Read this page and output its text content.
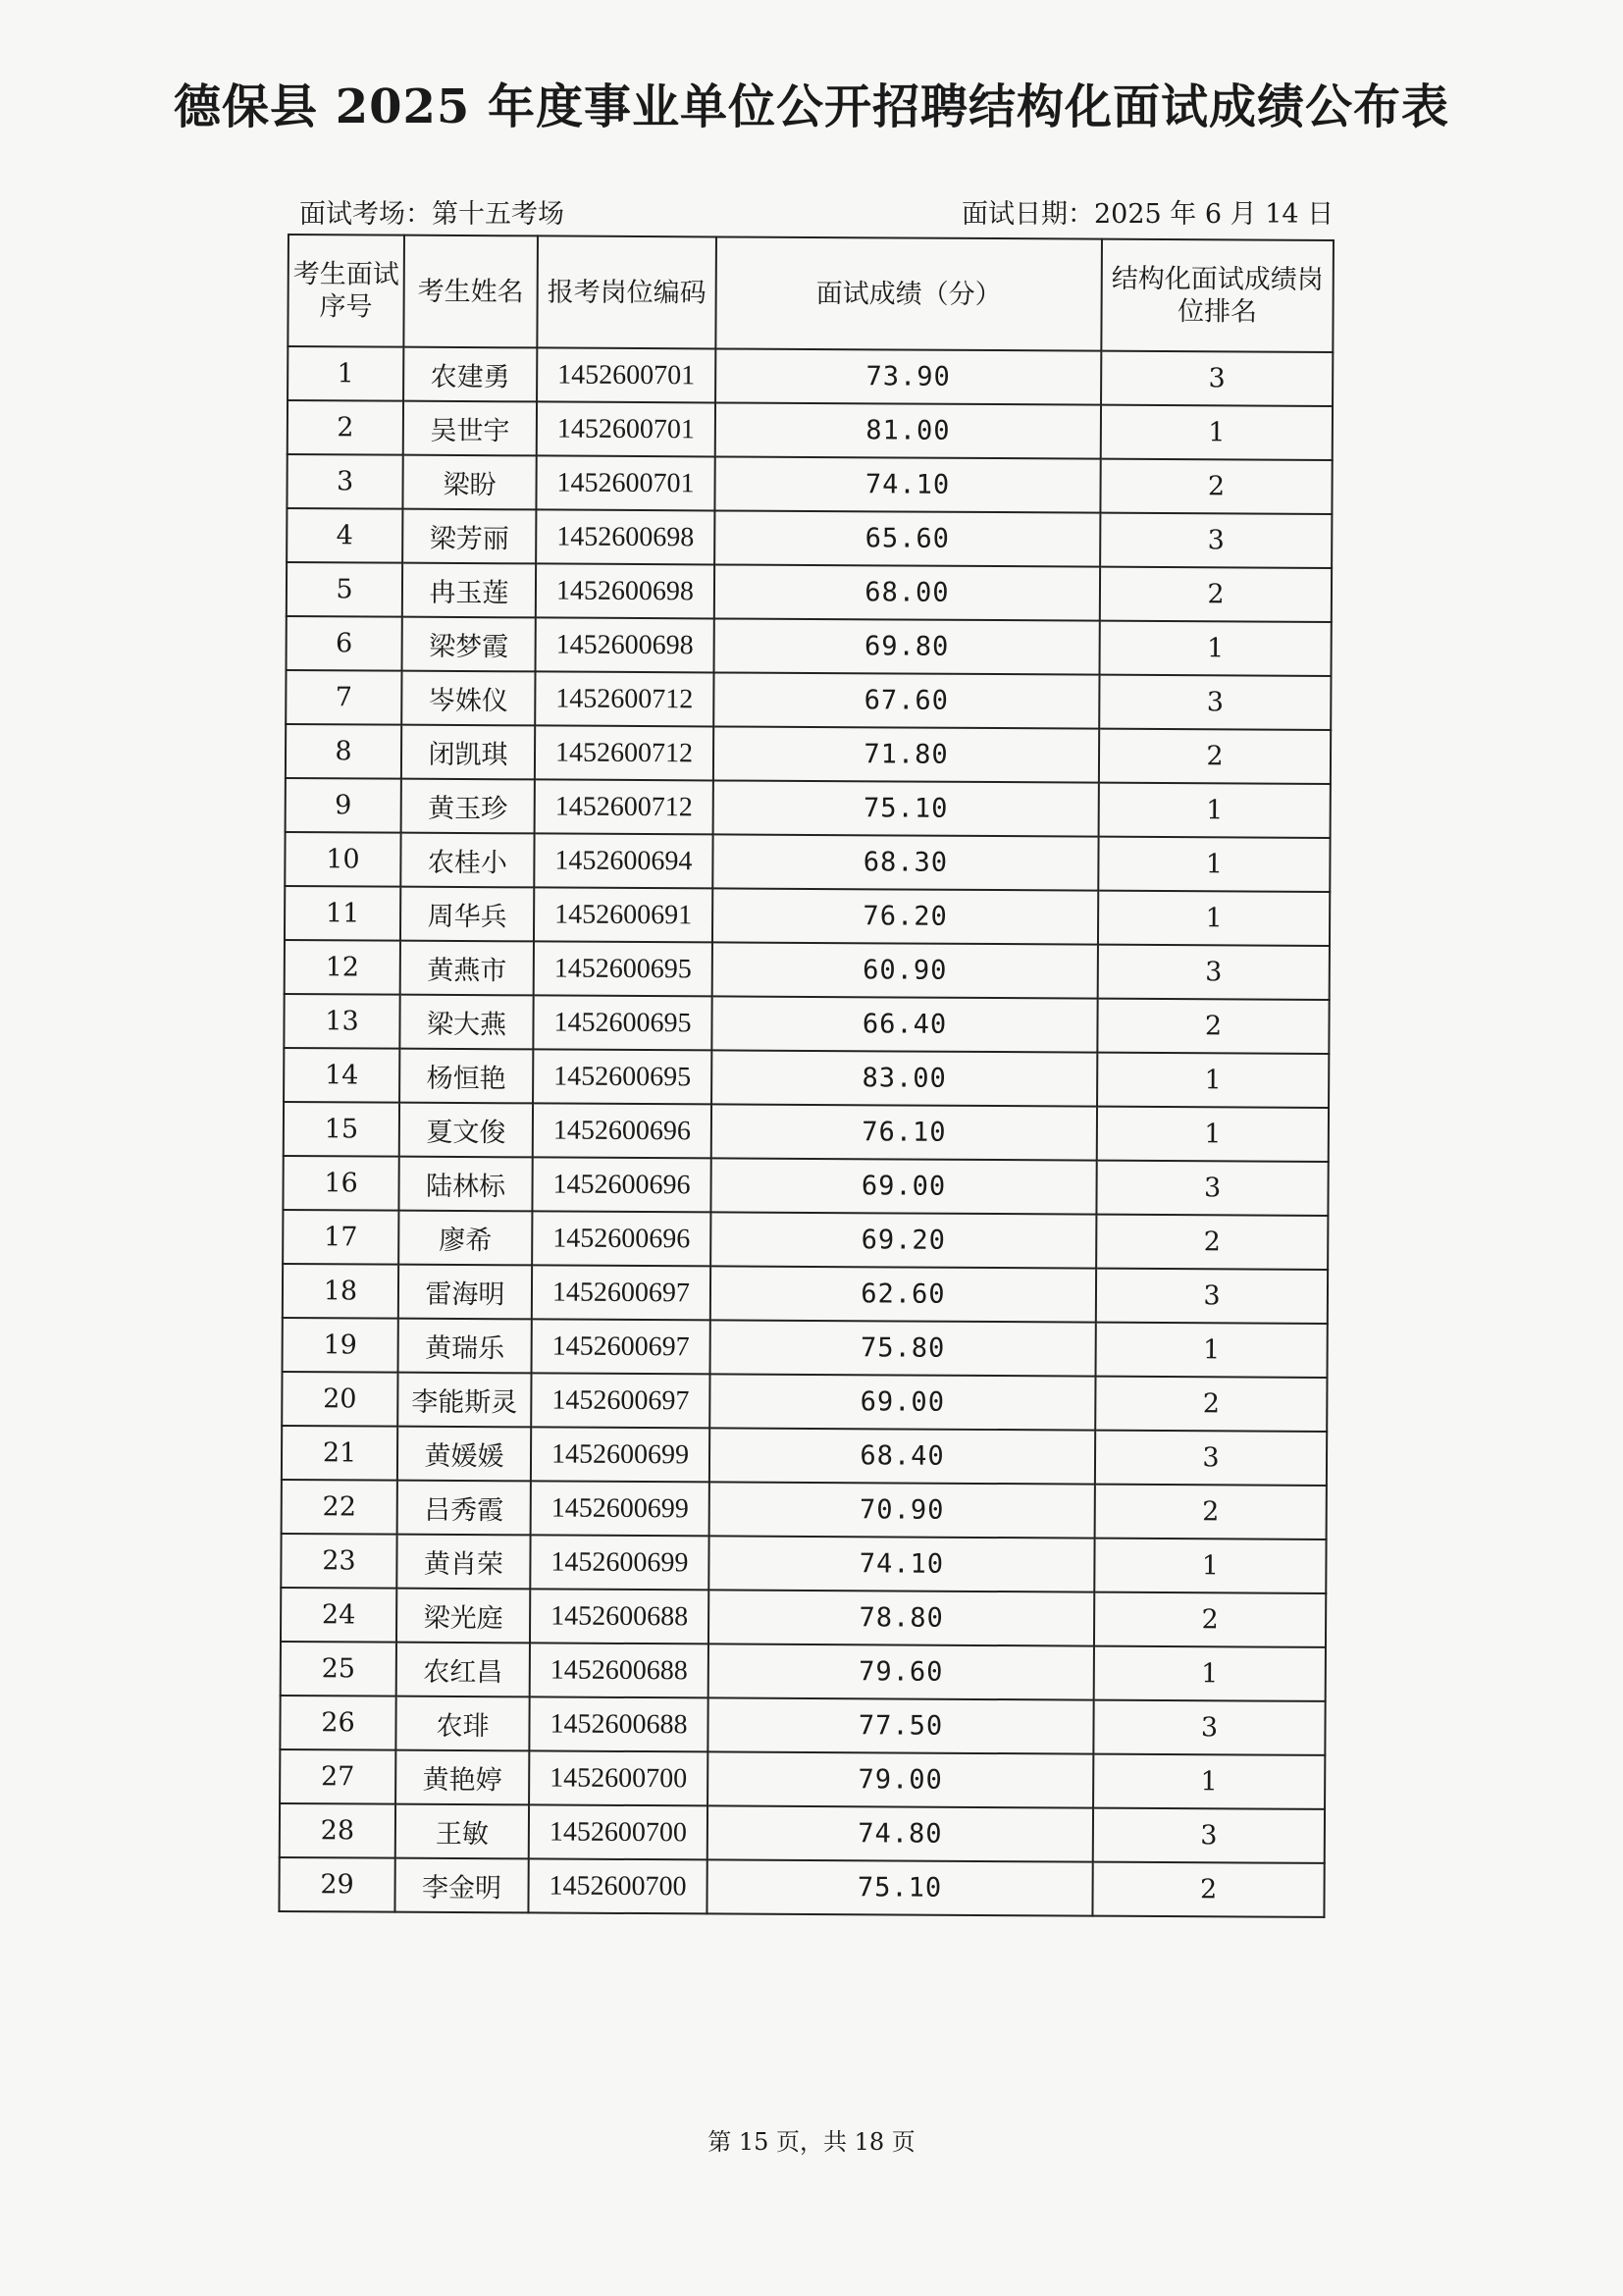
德保县 2025 年度事业单位公开招聘结构化面试成绩公布表
面试考场：第十五考场	面试日期：2025 年 6 月 14 日
考生面试序号	考生姓名	报考岗位编码	面试成绩（分）	结构化面试成绩岗位排名
1	农建勇	1452600701	73.90	3
2	吴世宇	1452600701	81.00	1
3	梁盼	1452600701	74.10	2
4	梁芳丽	1452600698	65.60	3
5	冉玉莲	1452600698	68.00	2
6	梁梦霞	1452600698	69.80	1
7	岑姝仪	1452600712	67.60	3
8	闭凯琪	1452600712	71.80	2
9	黄玉珍	1452600712	75.10	1
10	农桂小	1452600694	68.30	1
11	周华兵	1452600691	76.20	1
12	黄燕市	1452600695	60.90	3
13	梁大燕	1452600695	66.40	2
14	杨恒艳	1452600695	83.00	1
15	夏文俊	1452600696	76.10	1
16	陆林标	1452600696	69.00	3
17	廖希	1452600696	69.20	2
18	雷海明	1452600697	62.60	3
19	黄瑞乐	1452600697	75.80	1
20	李能斯灵	1452600697	69.00	2
21	黄媛媛	1452600699	68.40	3
22	吕秀霞	1452600699	70.90	2
23	黄肖荣	1452600699	74.10	1
24	梁光庭	1452600688	78.80	2
25	农红昌	1452600688	79.60	1
26	农琲	1452600688	77.50	3
27	黄艳婷	1452600700	79.00	1
28	王敏	1452600700	74.80	3
29	李金明	1452600700	75.10	2
第 15 页，共 18 页
